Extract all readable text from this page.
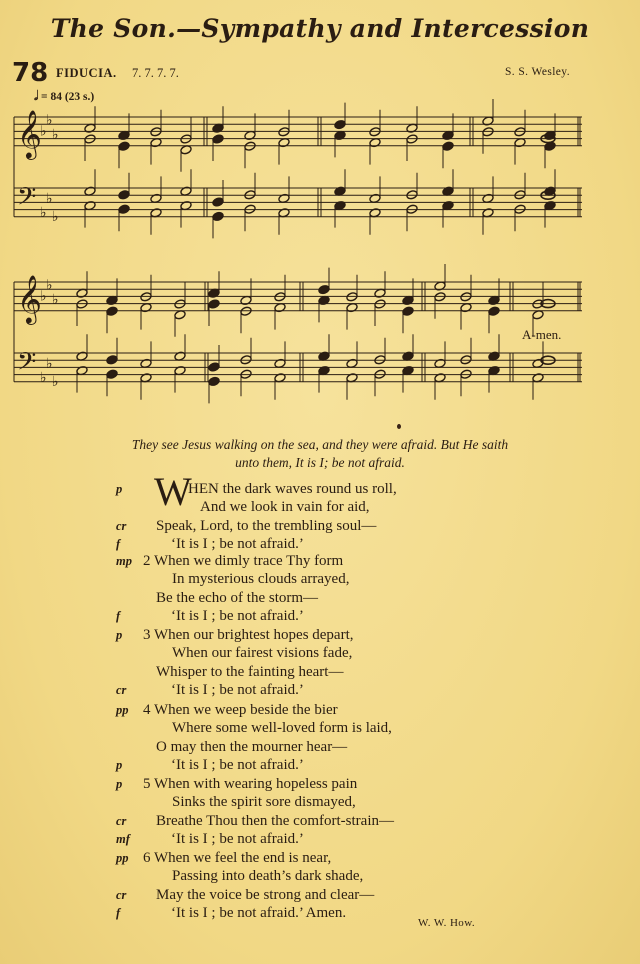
The Son.—Sympathy and Intercession
78 FIDUCIA. 7. 7. 7. 7.	S. S. Wesley.
𝅗𝅥 = 84 (23 s.)
𝄞
𝄢
♭
♭
♭
♭
♭
♭
𝄞
𝄢
♭
♭
♭
♭
♭
♭
A-men.
They see Jesus walking on the sea, and they were afraid. But He saith
unto them, It is I; be not afraid.
W
p	HEN the dark waves round us roll,
And we look in vain for aid,
cr Speak, Lord, to the trembling soul—
f	‘It is I ; be not afraid.’
mp 2 When we dimly trace Thy form
In mysterious clouds arrayed,
Be the echo of the storm—
f	‘It is I ; be not afraid.’
p 3 When our brightest hopes depart,
When our fairest visions fade,
Whisper to the fainting heart—
cr	‘It is I ; be not afraid.’
pp 4 When we weep beside the bier
Where some well-loved form is laid,
O may then the mourner hear—
p	‘It is I ; be not afraid.’
p 5 When with wearing hopeless pain
Sinks the spirit sore dismayed,
cr Breathe Thou then the comfort-strain—
mf	‘It is I ; be not afraid.’
pp 6 When we feel the end is near,
Passing into death’s dark shade,
cr May the voice be strong and clear—
f	‘It is I ; be not afraid.’ Amen.
W. W. How.
